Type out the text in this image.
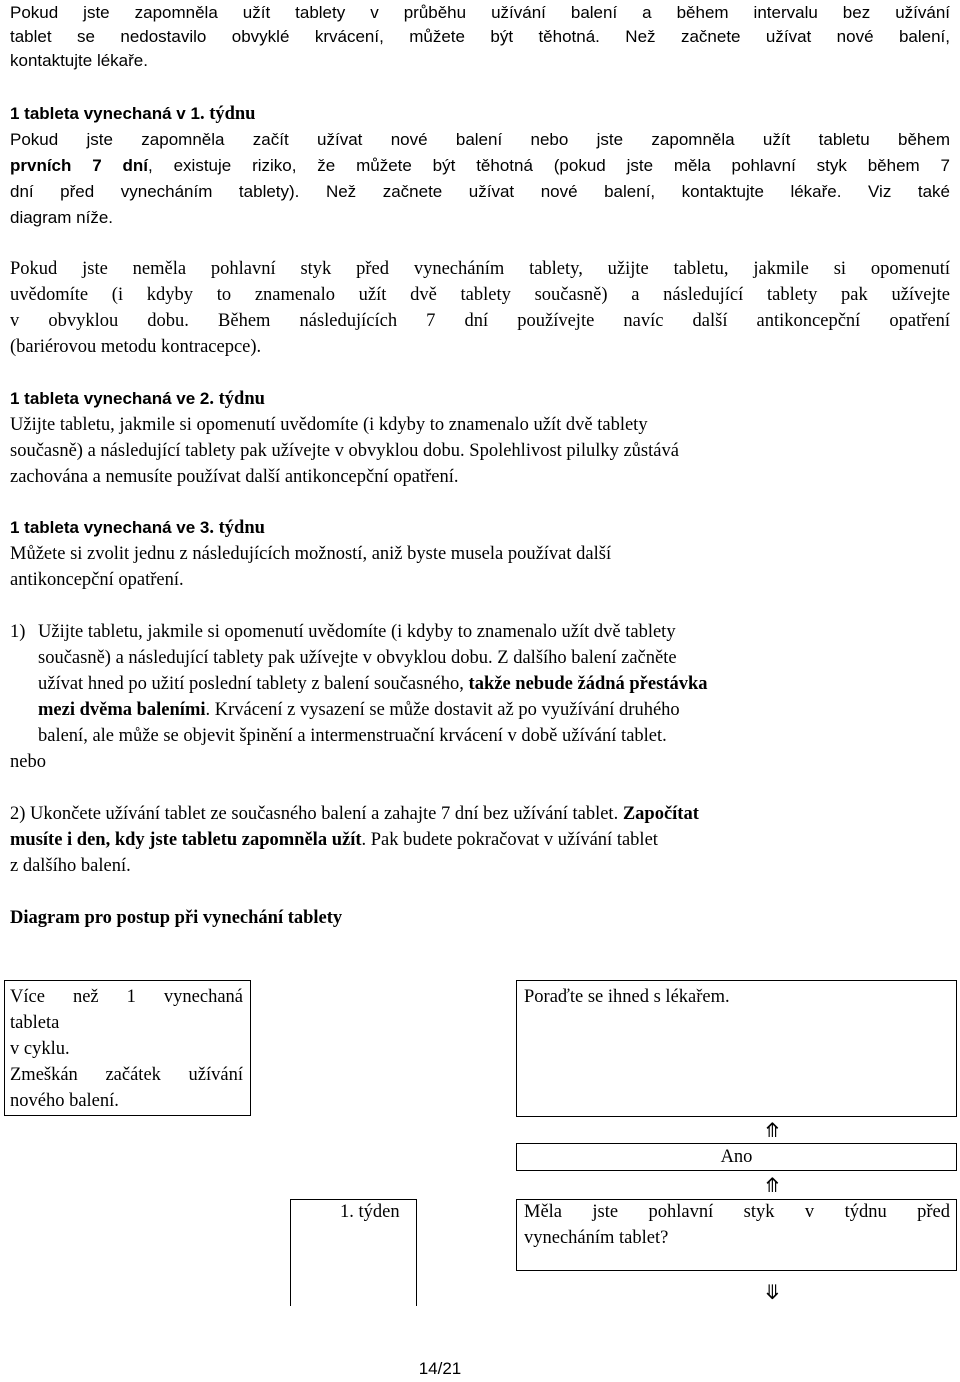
Pokud jste zapomněla užít tablety v průběhu užívání balení a během intervalu bez užívání

tablet se nedostavilo obvyklé krvácení, můžete být těhotná. Než začnete užívat nové balení,

kontaktujte lékaře.

1 tableta vynechaná v 1. týdnu

Pokud jste zapomněla začít užívat nové balení nebo jste zapomněla užít tabletu během

prvních 7 dní, existuje riziko, že můžete být těhotná (pokud jste měla pohlavní styk během 7

dní před vynecháním tablety). Než začnete užívat nové balení, kontaktujte lékaře. Viz také

diagram níže.

Pokud jste neměla pohlavní styk před vynecháním tablety, užijte tabletu, jakmile si opomenutí

uvědomíte (i kdyby to znamenalo užít dvě tablety současně) a následující tablety pak užívejte

v obvyklou dobu. Během následujících 7 dní používejte navíc další antikoncepční opatření

(bariérovou metodu kontracepce).

1 tableta vynechaná ve 2. týdnu

Užijte tabletu, jakmile si opomenutí uvědomíte (i kdyby to znamenalo užít dvě tablety

současně) a následující tablety pak užívejte v obvyklou dobu. Spolehlivost pilulky zůstává

zachována a nemusíte používat další antikoncepční opatření.

1 tableta vynechaná ve 3. týdnu

Můžete si zvolit jednu z následujících možností, aniž byste musela používat další

antikoncepční opatření.

1) Užijte tabletu, jakmile si opomenutí uvědomíte (i kdyby to znamenalo užít dvě tablety

současně) a následující tablety pak užívejte v obvyklou dobu. Z dalšího balení začněte

užívat hned po užití poslední tablety z balení současného, takže nebude žádná přestávka

mezi dvěma baleními. Krvácení z vysazení se může dostavit až po využívání druhého

balení, ale může se objevit špinění a intermenstruační krvácení v době užívání tablet.

nebo

2) Ukončete užívání tablet ze současného balení a zahajte 7 dní bez užívání tablet. Započítat

musíte i den, kdy jste tabletu zapomněla užít. Pak budete pokračovat v užívání tablet

z dalšího balení.

Diagram pro postup při vynechání tablety

Více než 1 vynechaná
tableta
v cyklu.
Zmeškán začátek užívání
nového balení.
Poraďte se ihned s lékařem.
⤊
Ano
⤊
Měla jste pohlavní styk v týdnu před
vynecháním tablet?
1. týden
⤋
14/21
